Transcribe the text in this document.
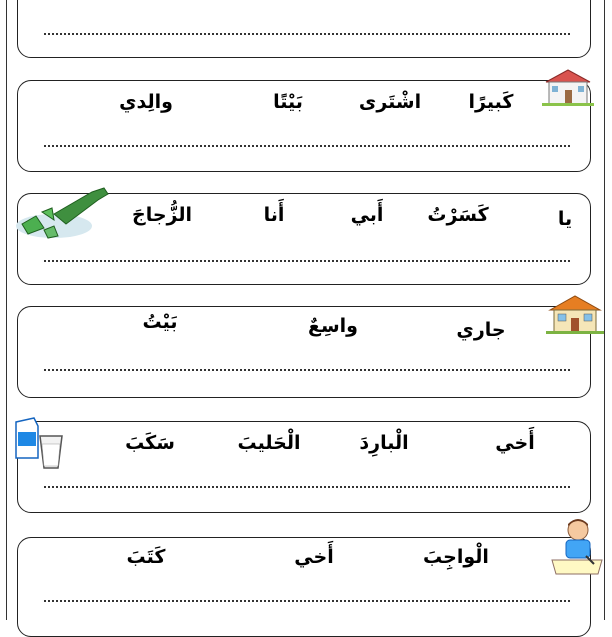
كَبيرًا
اشْتَرى
بَيْتًا
والِدي
يا
كَسَرْتُ
أَبي
أَنا
الزُّجاجَ
جاري
واسِعٌ
بَيْتُ
أَخي
الْبارِدَ
الْحَليبَ
سَكَبَ
الْواجِبَ
أَخي
كَتَبَ
